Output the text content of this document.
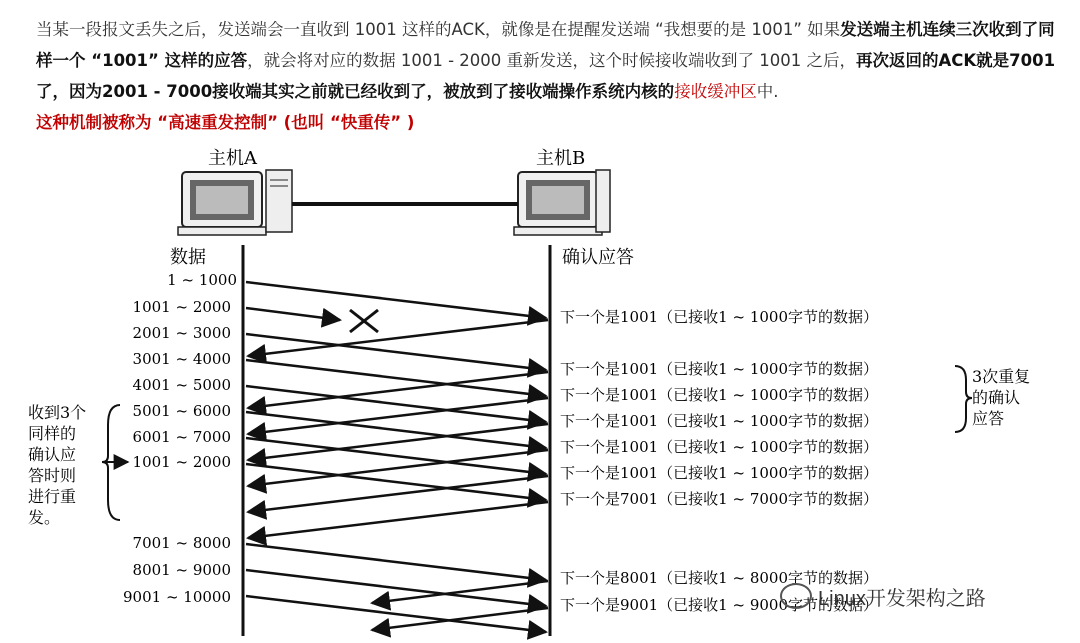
当某一段报文丢失之后，发送端会一直收到 1001 这样的ACK，就像是在提醒发送端 “我想要的是 1001” 如果发送端主机连续三次收到了同样一个 “1001” 这样的应答，就会将对应的数据 1001 - 2000 重新发送，这个时候接收端收到了 1001 之后，再次返回的ACK就是7001了，因为2001 - 7000接收端其实之前就已经收到了，被放到了接收端操作系统内核的接收缓冲区中.
这种机制被称为 “高速重发控制” (也叫 “快重传” )
主机A	主机B
数据	确认应答
1 ~ 1000
1001 ~ 2000
2001 ~ 3000
3001 ~ 4000
4001 ~ 5000
5001 ~ 6000
6001 ~ 7000
1001 ~ 2000
7001 ~ 8000
8001 ~ 9000
9001 ~ 10000
下一个是1001（已接收1 ~ 1000字节的数据）
下一个是1001（已接收1 ~ 1000字节的数据）
下一个是1001（已接收1 ~ 1000字节的数据）
下一个是1001（已接收1 ~ 1000字节的数据）
下一个是1001（已接收1 ~ 1000字节的数据）
下一个是1001（已接收1 ~ 1000字节的数据）
下一个是7001（已接收1 ~ 7000字节的数据）
下一个是8001（已接收1 ~ 8000字节的数据）
下一个是9001（已接收1 ~ 9000字节的数据）
3次重复
的确认
应答
收到3个
同样的
确认应
答时则
进行重
发。
Linux开发架构之路
